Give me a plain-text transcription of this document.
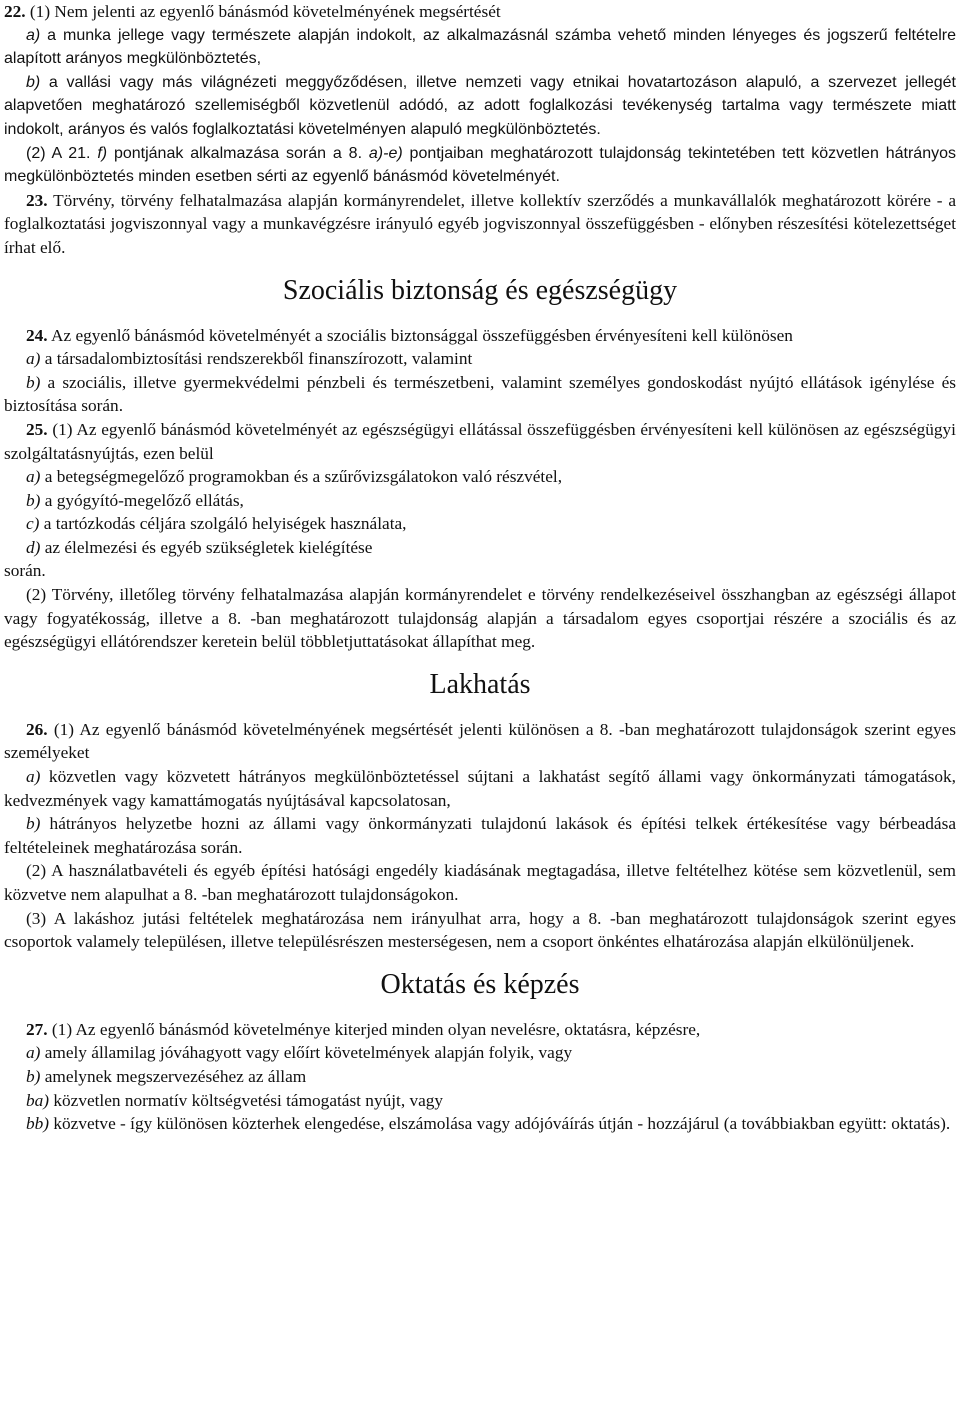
22. (1) Nem jelenti az egyenlő bánásmód követelményének megsértését
a) a munka jellege vagy természete alapján indokolt, az alkalmazásnál számba vehető minden lényeges és jogszerű feltételre alapított arányos megkülönböztetés,
b) a vallási vagy más világnézeti meggyőződésen, illetve nemzeti vagy etnikai hovatartozáson alapuló, a szervezet jellegét alapvetően meghatározó szellemiségből közvetlenül adódó, az adott foglalkozási tevékenység tartalma vagy természete miatt indokolt, arányos és valós foglalkoztatási követelményen alapuló megkülönböztetés.
(2) A 21. f) pontjának alkalmazása során a 8. a)-e) pontjaiban meghatározott tulajdonság tekintetében tett közvetlen hátrányos megkülönböztetés minden esetben sérti az egyenlő bánásmód követelményét.
23. Törvény, törvény felhatalmazása alapján kormányrendelet, illetve kollektív szerződés a munkavállalók meghatározott körére - a foglalkoztatási jogviszonnyal vagy a munkavégzésre irányuló egyéb jogviszonnyal összefüggésben - előnyben részesítési kötelezettséget írhat elő.
Szociális biztonság és egészségügy
24. Az egyenlő bánásmód követelményét a szociális biztonsággal összefüggésben érvényesíteni kell különösen
a) a társadalombiztosítási rendszerekből finanszírozott, valamint
b) a szociális, illetve gyermekvédelmi pénzbeli és természetbeni, valamint személyes gondoskodást nyújtó ellátások igénylése és biztosítása során.
25. (1) Az egyenlő bánásmód követelményét az egészségügyi ellátással összefüggésben érvényesíteni kell különösen az egészségügyi szolgáltatásnyújtás, ezen belül
a) a betegségmegelőző programokban és a szűrővizsgálatokon való részvétel,
b) a gyógyító-megelőző ellátás,
c) a tartózkodás céljára szolgáló helyiségek használata,
d) az élelmezési és egyéb szükségletek kielégítése
során.
(2) Törvény, illetőleg törvény felhatalmazása alapján kormányrendelet e törvény rendelkezéseivel összhangban az egészségi állapot vagy fogyatékosság, illetve a 8. -ban meghatározott tulajdonság alapján a társadalom egyes csoportjai részére a szociális és az egészségügyi ellátórendszer keretein belül többletjuttatásokat állapíthat meg.
Lakhatás
26. (1) Az egyenlő bánásmód követelményének megsértését jelenti különösen a 8. -ban meghatározott tulajdonságok szerint egyes személyeket
a) közvetlen vagy közvetett hátrányos megkülönböztetéssel sújtani a lakhatást segítő állami vagy önkormányzati támogatások, kedvezmények vagy kamattámogatás nyújtásával kapcsolatosan,
b) hátrányos helyzetbe hozni az állami vagy önkormányzati tulajdonú lakások és építési telkek értékesítése vagy bérbeadása feltételeinek meghatározása során.
(2) A használatbavételi és egyéb építési hatósági engedély kiadásának megtagadása, illetve feltételhez kötése sem közvetlenül, sem közvetve nem alapulhat a 8. -ban meghatározott tulajdonságokon.
(3) A lakáshoz jutási feltételek meghatározása nem irányulhat arra, hogy a 8. -ban meghatározott tulajdonságok szerint egyes csoportok valamely településen, illetve településrészen mesterségesen, nem a csoport önkéntes elhatározása alapján elkülönüljenek.
Oktatás és képzés
27. (1) Az egyenlő bánásmód követelménye kiterjed minden olyan nevelésre, oktatásra, képzésre,
a) amely államilag jóváhagyott vagy előírt követelmények alapján folyik, vagy
b) amelynek megszervezéséhez az állam
ba) közvetlen normatív költségvetési támogatást nyújt, vagy
bb) közvetve - így különösen közterhek elengedése, elszámolása vagy adójóváírás útján - hozzájárul (a továbbiakban együtt: oktatás).
